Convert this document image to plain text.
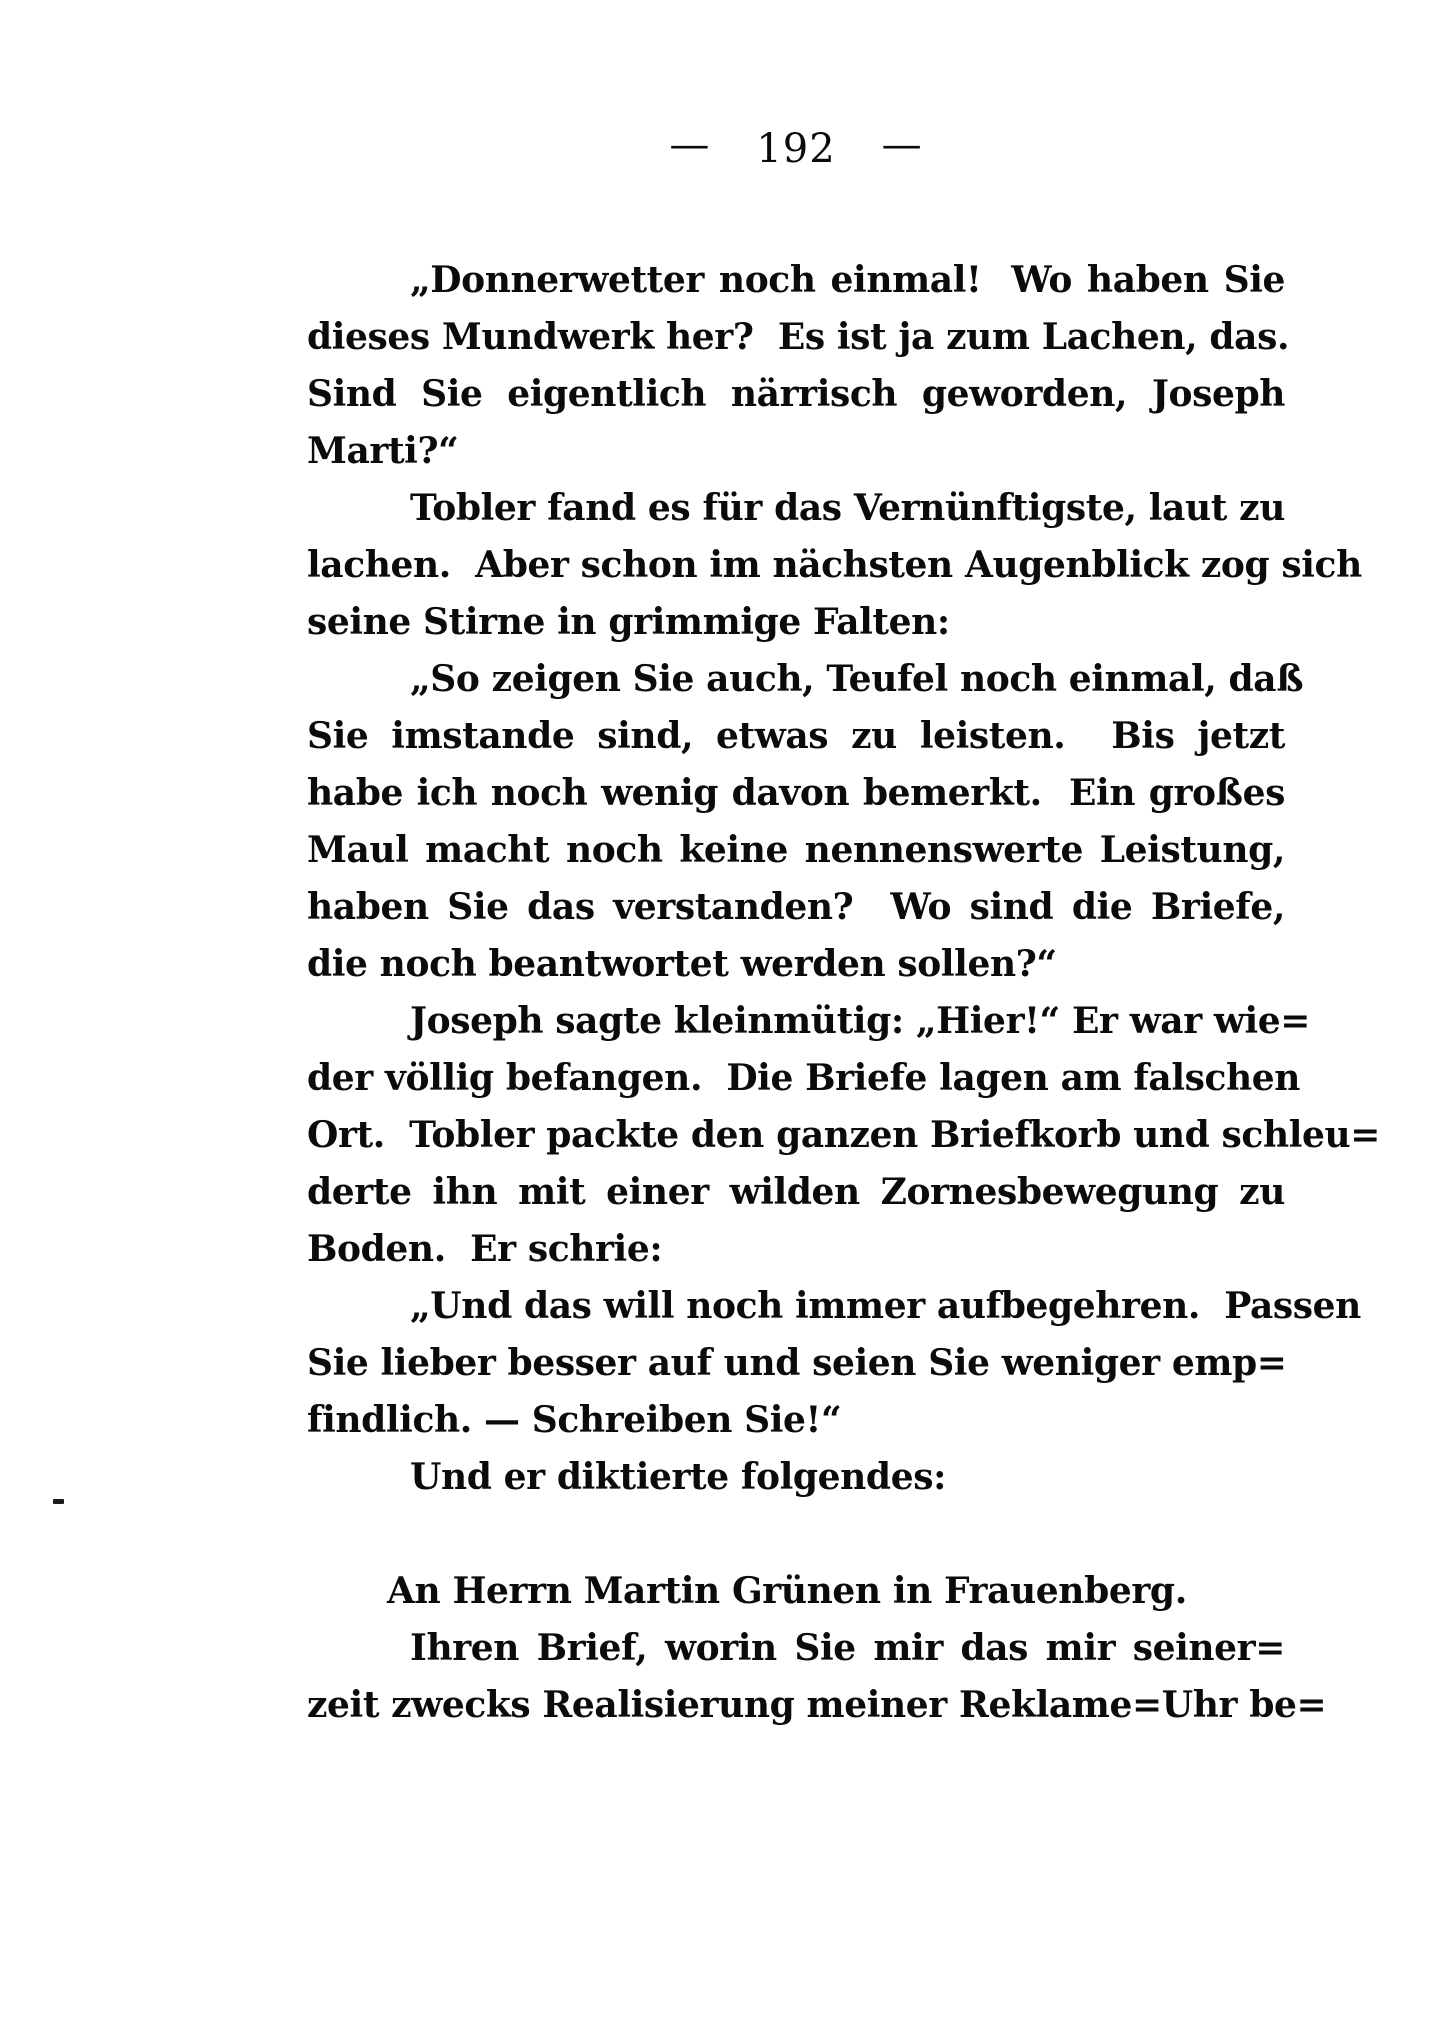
— 192 —
„Donnerwetter noch einmal!  Wo haben Sie
dieses Mundwerk her?  Es ist ja zum Lachen, das.
Sind Sie eigentlich närrisch geworden, Joseph
Marti?“
Tobler fand es für das Vernünftigste, laut zu
lachen.  Aber schon im nächsten Augenblick zog sich
seine Stirne in grimmige Falten:
„So zeigen Sie auch, Teufel noch einmal, daß
Sie imstande sind, etwas zu leisten.  Bis jetzt
habe ich noch wenig davon bemerkt.  Ein großes
Maul macht noch keine nennenswerte Leistung,
haben Sie das verstanden?  Wo sind die Briefe,
die noch beantwortet werden sollen?“
Joseph sagte kleinmütig: „Hier!“ Er war wie=
der völlig befangen.  Die Briefe lagen am falschen
Ort.  Tobler packte den ganzen Briefkorb und schleu=
derte ihn mit einer wilden Zornesbewegung zu
Boden.  Er schrie:
„Und das will noch immer aufbegehren.  Passen
Sie lieber besser auf und seien Sie weniger emp=
findlich. — Schreiben Sie!“
Und er diktierte folgendes:
An Herrn Martin Grünen in Frauenberg.
Ihren Brief, worin Sie mir das mir seiner=
zeit zwecks Realisierung meiner Reklame=Uhr be=
